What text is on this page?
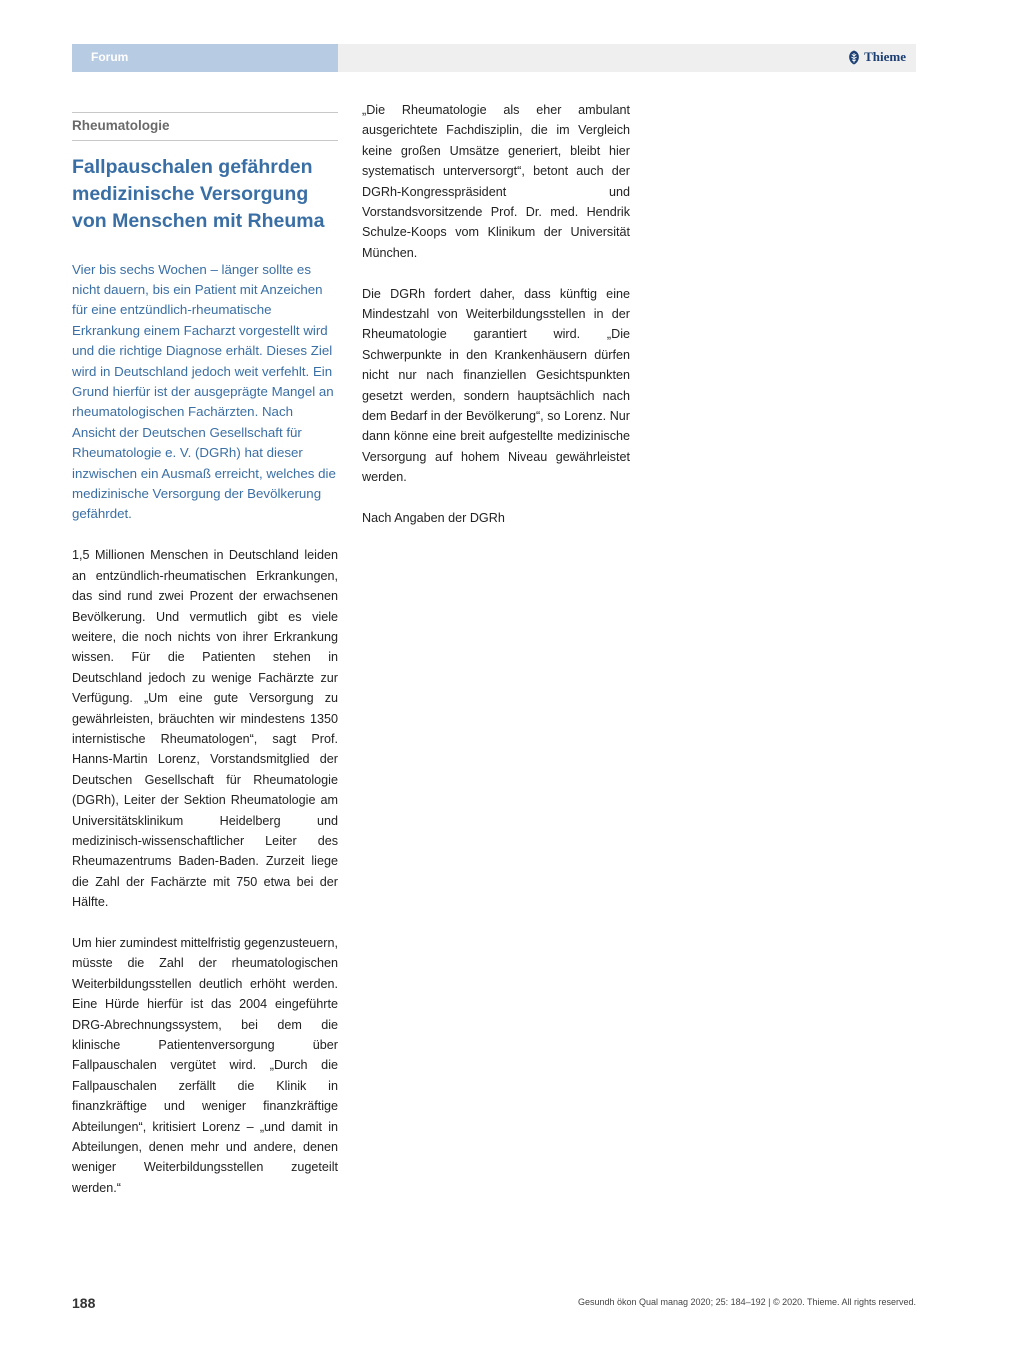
Forum	Thieme
Rheumatologie
Fallpauschalen gefährden medizinische Versorgung von Menschen mit Rheuma

Vier bis sechs Wochen – länger sollte es nicht dauern, bis ein Patient mit Anzeichen für eine entzündlich-rheumatische Erkrankung einem Facharzt vorgestellt wird und die richtige Diagnose erhält. Dieses Ziel wird in Deutschland jedoch weit verfehlt. Ein Grund hierfür ist der ausgeprägte Mangel an rheumatologischen Fachärzten. Nach Ansicht der Deutschen Gesellschaft für Rheumatologie e. V. (DGRh) hat dieser inzwischen ein Ausmaß erreicht, welches die medizinische Versorgung der Bevölkerung gefährdet.

1,5 Millionen Menschen in Deutschland leiden an entzündlich-rheumatischen Erkrankungen, das sind rund zwei Prozent der erwachsenen Bevölkerung. Und vermutlich gibt es viele weitere, die noch nichts von ihrer Erkrankung wissen. Für die Patienten stehen in Deutschland jedoch zu wenige Fachärzte zur Verfügung. „Um eine gute Versorgung zu gewährleisten, bräuchten wir mindestens 1350 internistische Rheumatologen“, sagt Prof. Hanns-Martin Lorenz, Vorstandsmitglied der Deutschen Gesellschaft für Rheumatologie (DGRh), Leiter der Sektion Rheumatologie am Universitätsklinikum Heidelberg und medizinisch-wissenschaftlicher Leiter des Rheumazentrums Baden-Baden. Zurzeit liege die Zahl der Fachärzte mit 750 etwa bei der Hälfte.

Um hier zumindest mittelfristig gegenzusteuern, müsste die Zahl der rheumatologischen Weiterbildungsstellen deutlich erhöht werden. Eine Hürde hierfür ist das 2004 eingeführte DRG-Abrechnungssystem, bei dem die klinische Patientenversorgung über Fallpauschalen vergütet wird. „Durch die Fallpauschalen zerfällt die Klinik in finanzkräftige und weniger finanzkräftige Abteilungen“, kritisiert Lorenz – „und damit in Abteilungen, denen mehr und andere, denen weniger Weiterbildungsstellen zugeteilt werden.“

„Die Rheumatologie als eher ambulant ausgerichtete Fachdisziplin, die im Vergleich keine großen Umsätze generiert, bleibt hier systematisch unterversorgt“, betont auch der DGRh-Kongresspräsident und Vorstandsvorsitzende Prof. Dr. med. Hendrik Schulze-Koops vom Klinikum der Universität München.

Die DGRh fordert daher, dass künftig eine Mindestzahl von Weiterbildungsstellen in der Rheumatologie garantiert wird. „Die Schwerpunkte in den Krankenhäusern dürfen nicht nur nach finanziellen Gesichtspunkten gesetzt werden, sondern hauptsächlich nach dem Bedarf in der Bevölkerung“, so Lorenz. Nur dann könne eine breit aufgestellte medizinische Versorgung auf hohem Niveau gewährleistet werden.

Nach Angaben der DGRh

188	Gesundh ökon Qual manag 2020; 25: 184–192 | © 2020. Thieme. All rights reserved.
